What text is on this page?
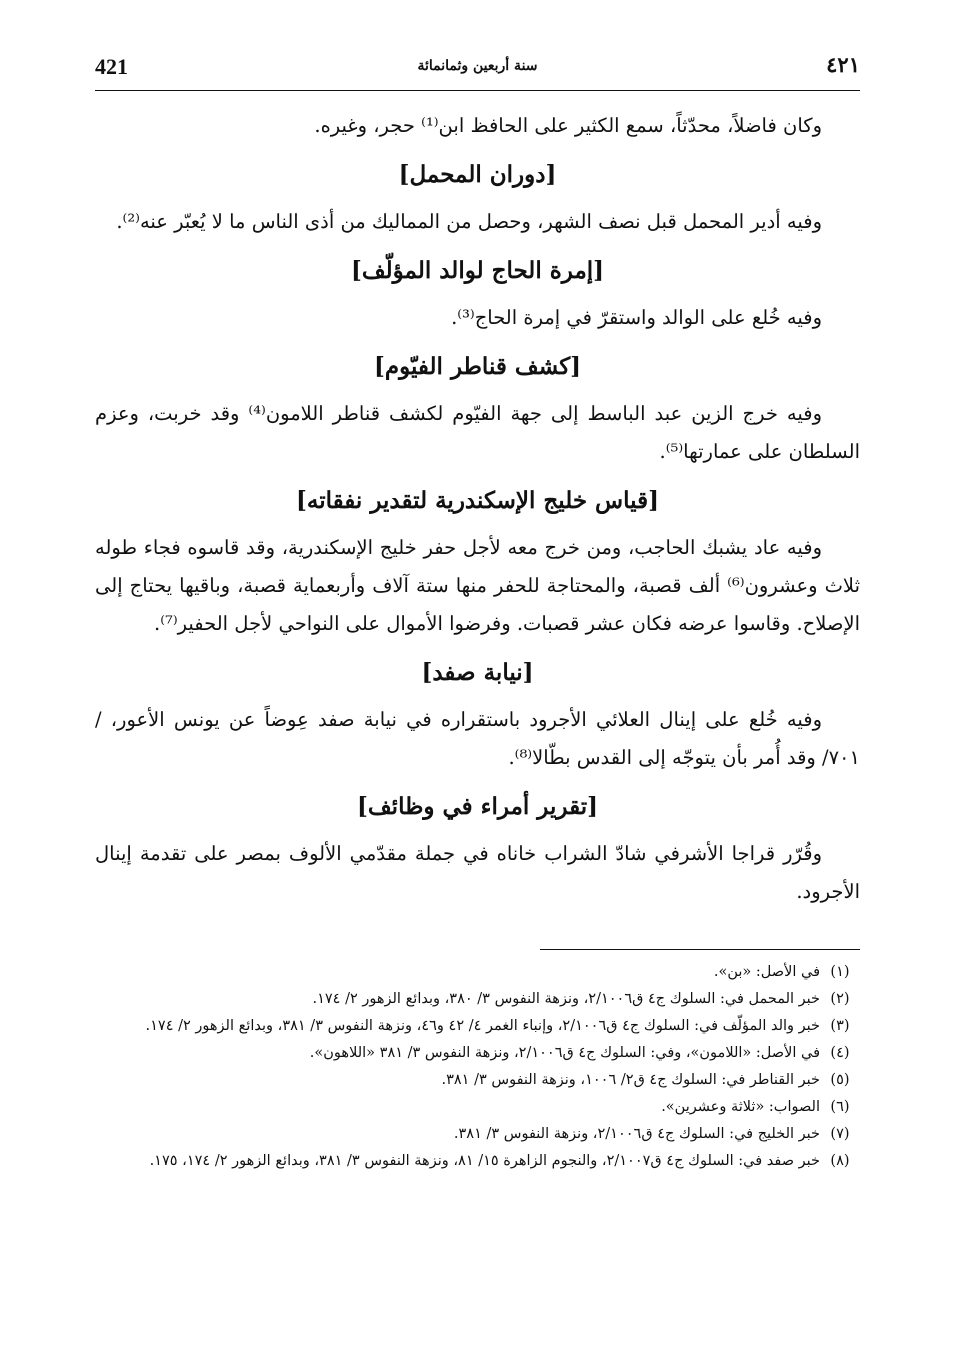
421	سنة أربعين وثمانمائة	٤٢١

وكان فاضلاً، محدّثاً، سمع الكثير على الحافظ ابن⁽¹⁾ حجر، وغيره.

[دوران المحمل]

وفيه أدير المحمل قبل نصف الشهر، وحصل من المماليك من أذى الناس ما لا يُعبّر عنه⁽²⁾.

[إمرة الحاج لوالد المؤلّف]

وفيه خُلع على الوالد واستقرّ في إمرة الحاج⁽³⁾.

[كشف قناطر الفيّوم]

وفيه خرج الزين عبد الباسط إلى جهة الفيّوم لكشف قناطر اللامون⁽⁴⁾ وقد خربت، وعزم السلطان على عمارتها⁽⁵⁾.

[قياس خليج الإسكندرية لتقدير نفقاته]

وفيه عاد يشبك الحاجب، ومن خرج معه لأجل حفر خليج الإسكندرية، وقد قاسوه فجاء طوله ثلاث وعشرون⁽⁶⁾ ألف قصبة، والمحتاجة للحفر منها ستة آلاف وأربعماية قصبة، وباقيها يحتاج إلى الإصلاح. وقاسوا عرضه فكان عشر قصبات. وفرضوا الأموال على النواحي لأجل الحفير⁽⁷⁾.

[نيابة صفد]

وفيه خُلع على إينال العلائي الأجرود باستقراره في نيابة صفد عِوضاً عن يونس الأعور، / ٧٠١/ وقد أُمر بأن يتوجّه إلى القدس بطّالا⁽⁸⁾.

[تقرير أمراء في وظائف]

وقُرّر قراجا الأشرفي شادّ الشراب خاناه في جملة مقدّمي الألوف بمصر على تقدمة إينال الأجرود.

(١)
في الأصل: «بن».
(٢)
خبر المحمل في: السلوك ج٤ ق٢/١٠٠٦، ونزهة النفوس ٣/ ٣٨٠، وبدائع الزهور ٢/ ١٧٤.
(٣)
خبر والد المؤلّف في: السلوك ج٤ ق٢/١٠٠٦، وإنباء الغمر ٤/ ٤٢ و٤٦، ونزهة النفوس ٣/ ٣٨١، وبدائع الزهور ٢/ ١٧٤.
(٤)
في الأصل: «اللامون»، وفي: السلوك ج٤ ق٢/١٠٠٦، ونزهة النفوس ٣/ ٣٨١ «اللاهون».
(٥)
خبر القناطر في: السلوك ج٤ ق٢/ ١٠٠٦، ونزهة النفوس ٣/ ٣٨١.
(٦)
الصواب: «ثلاثة وعشرين».
(٧)
خبر الخليج في: السلوك ج٤ ق٢/١٠٠٦، ونزهة النفوس ٣/ ٣٨١.
(٨)
خبر صفد في: السلوك ج٤ ق٢/١٠٠٧، والنجوم الزاهرة ١٥/ ٨١، ونزهة النفوس ٣/ ٣٨١، وبدائع الزهور ٢/ ١٧٤، ١٧٥.
